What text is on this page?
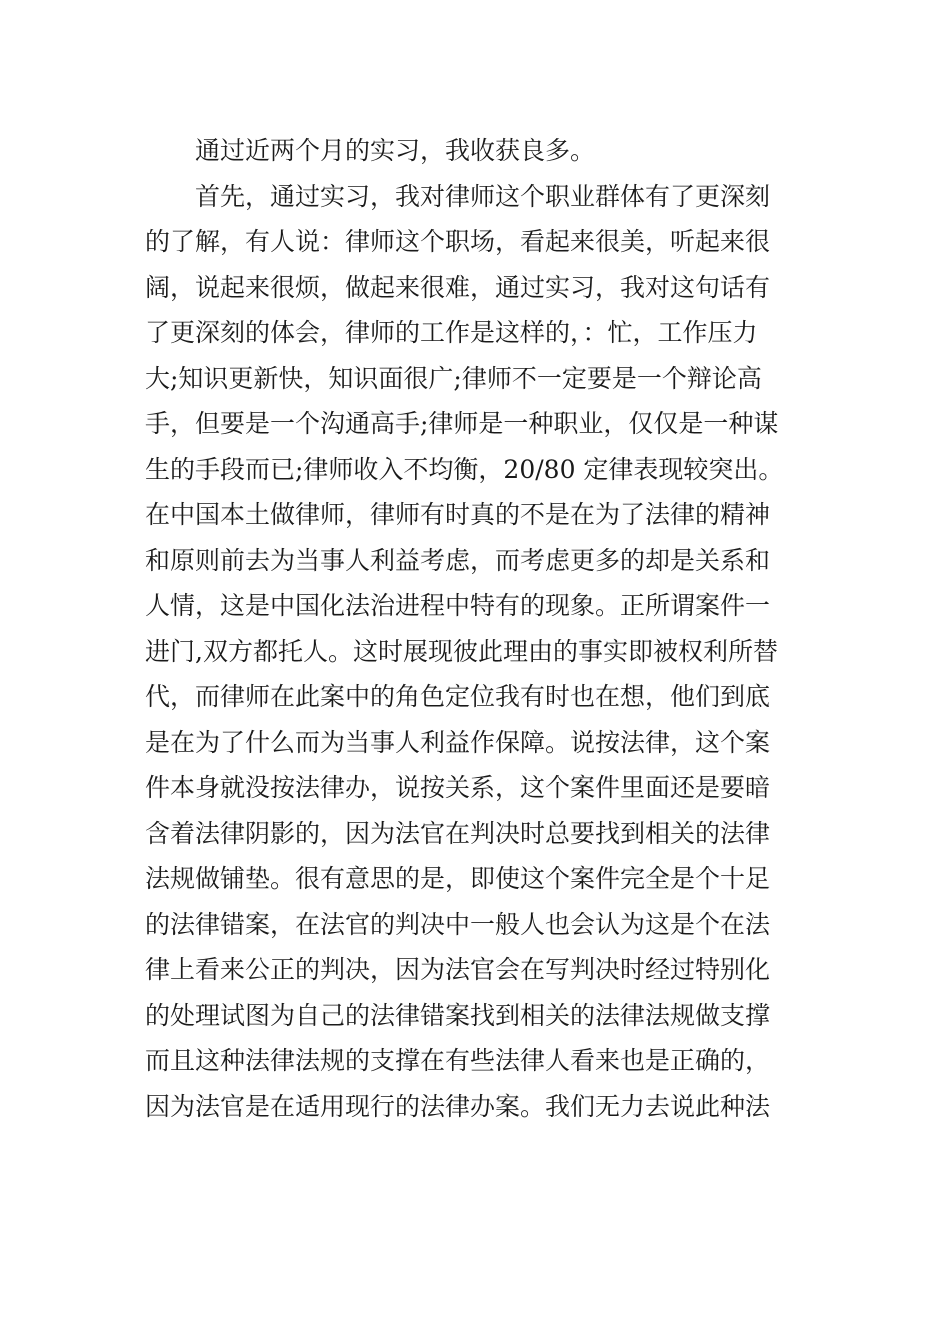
通过近两个月的实习，我收获良多。
首先，通过实习，我对律师这个职业群体有了更深刻
的了解，有人说：律师这个职场，看起来很美，听起来很
阔，说起来很烦，做起来很难，通过实习，我对这句话有
了更深刻的体会，律师的工作是这样的，：忙，工作压力
大;知识更新快，知识面很广;律师不一定要是一个辩论高
手，但要是一个沟通高手;律师是一种职业，仅仅是一种谋
生的手段而已;律师收入不均衡，20/80 定律表现较突出。
在中国本土做律师，律师有时真的不是在为了法律的精神
和原则前去为当事人利益考虑，而考虑更多的却是关系和
人情，这是中国化法治进程中特有的现象。正所谓案件一
进门,双方都托人。这时展现彼此理由的事实即被权利所替
代，而律师在此案中的角色定位我有时也在想，他们到底
是在为了什么而为当事人利益作保障。说按法律，这个案
件本身就没按法律办，说按关系，这个案件里面还是要暗
含着法律阴影的，因为法官在判决时总要找到相关的法律
法规做铺垫。很有意思的是，即使这个案件完全是个十足
的法律错案，在法官的判决中一般人也会认为这是个在法
律上看来公正的判决，因为法官会在写判决时经过特别化
的处理试图为自己的法律错案找到相关的法律法规做支撑
而且这种法律法规的支撑在有些法律人看来也是正确的，
因为法官是在适用现行的法律办案。我们无力去说此种法
